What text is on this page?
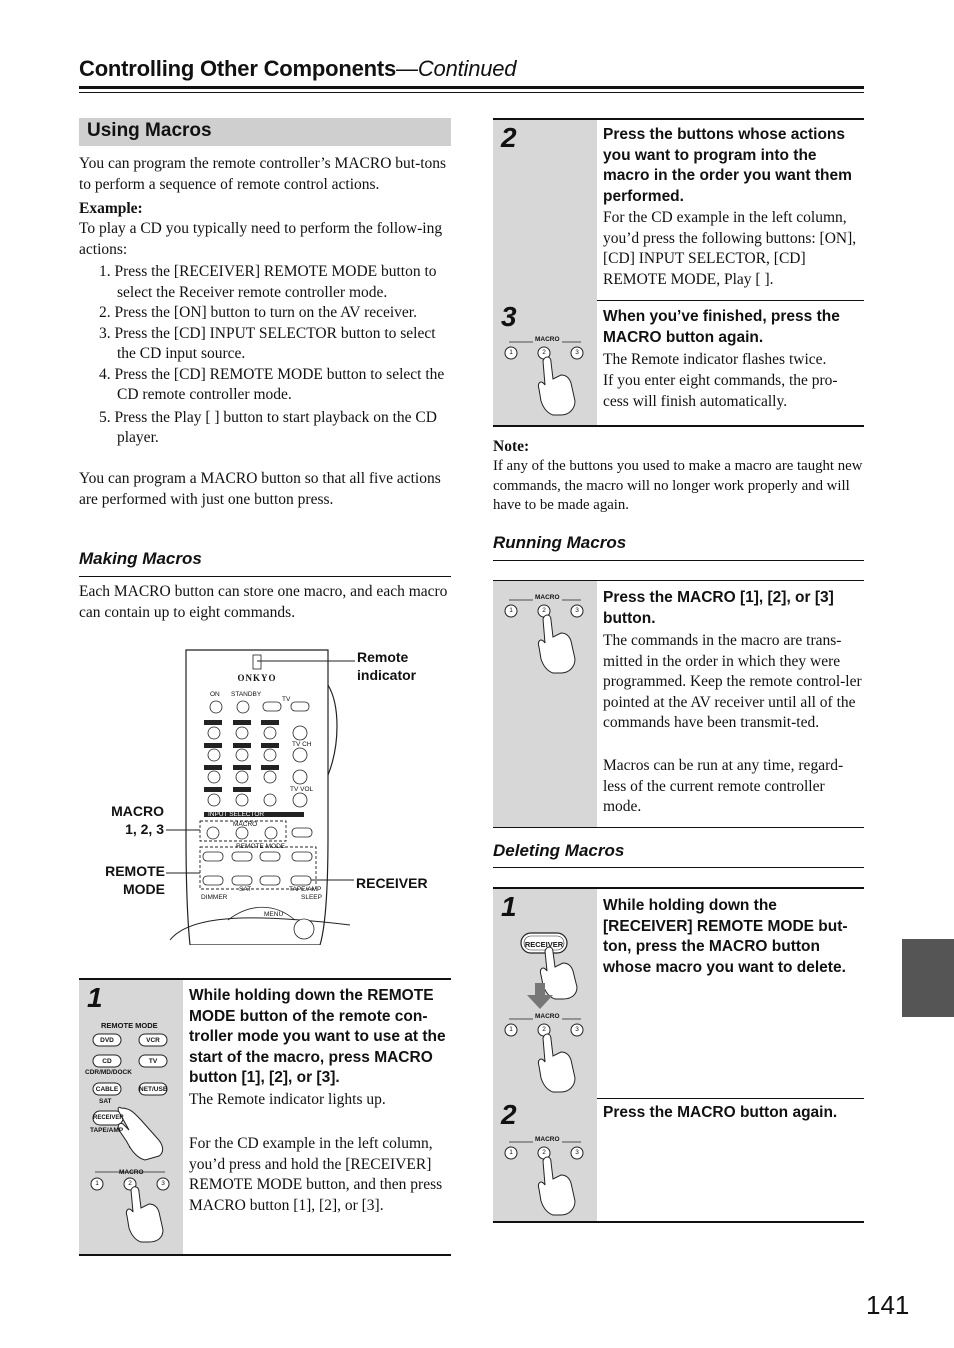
Controlling Other Components—Continued
Using Macros
You can program the remote controller’s MACRO but-tons to perform a sequence of remote control actions.
Example:
To play a CD you typically need to perform the follow-ing actions:
1. Press the [RECEIVER] REMOTE MODE button to select the Receiver remote controller mode.
2. Press the [ON] button to turn on the AV receiver.
3. Press the [CD] INPUT SELECTOR button to select the CD input source.
4. Press the [CD] REMOTE MODE button to select the CD remote controller mode.
5. Press the Play [ ] button to start playback on the CD player.
You can program a MACRO button so that all five actions are performed with just one button press.
Making Macros
Each MACRO button can store one macro, and each macro can contain up to eight commands.
ONKYO
ON STANDBY
TV
TV CH
TV VOL
INPUT SELECTOR
MACRO
REMOTE MODE
DIMMER
SAT	TAPE/AMP
SLEEP
MENU
Remote
indicator
MACRO
1, 2, 3
REMOTE
MODE	RECEIVER
1
REMOTE MODE
DVD	VCR
CD	TV
CDR/MD/DOCK
CABLE	NET/USB
SAT
RECEIVER
TAPE/AMP
MACRO
1	2	3
While holding down the REMOTE MODE button of the remote con-troller mode you want to use at the start of the macro, press MACRO button [1], [2], or [3].
The Remote indicator lights up.
For the CD example in the left column, you’d press and hold the [RECEIVER] REMOTE MODE button, and then press MACRO button [1], [2], or [3].
2	Press the buttons whose actions you want to program into the macro in the order you want them performed.
For the CD example in the left column, you’d press the following buttons: [ON], [CD] INPUT SELECTOR, [CD] REMOTE MODE, Play [ ].
3
MACRO
1	2	3
When you’ve finished, press the MACRO button again.
The Remote indicator flashes twice.
If you enter eight commands, the pro-cess will finish automatically.
Note:
If any of the buttons you used to make a macro are taught new commands, the macro will no longer work properly and will have to be made again.
Running Macros
MACRO
1	2	3
Press the MACRO [1], [2], or [3] button.
The commands in the macro are trans-mitted in the order in which they were programmed. Keep the remote control-ler pointed at the AV receiver until all of the commands have been transmit-ted.
Macros can be run at any time, regard-less of the current remote controller mode.
Deleting Macros
1
RECEIVER
MACRO
1	2	3
While holding down the [RECEIVER] REMOTE MODE but-ton, press the MACRO button whose macro you want to delete.
2
MACRO
1	2	3
Press the MACRO button again.
141
